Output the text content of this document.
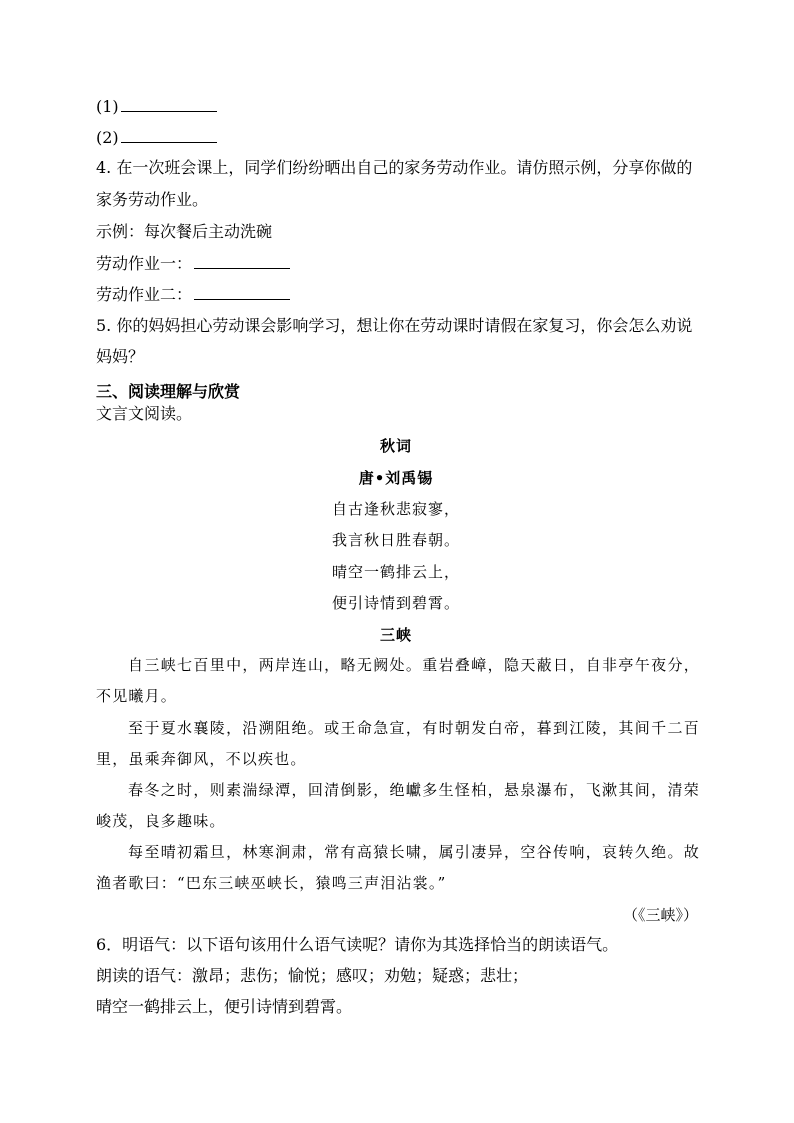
(1)
(2)
4. 在一次班会课上，同学们纷纷晒出自己的家务劳动作业。请仿照示例，分享你做的
家务劳动作业。
示例：每次餐后主动洗碗
劳动作业一：
劳动作业二：
5. 你的妈妈担心劳动课会影响学习，想让你在劳动课时请假在家复习，你会怎么劝说
妈妈？
三、阅读理解与欣赏
文言文阅读。
秋词
唐•刘禹锡
自古逢秋悲寂寥，
我言秋日胜春朝。
晴空一鹤排云上，
便引诗情到碧霄。
三峡
自三峡七百里中，两岸连山，略无阙处。重岩叠嶂，隐天蔽日，自非亭午夜分，不见曦月。
至于夏水襄陵，沿溯阻绝。或王命急宣，有时朝发白帝，暮到江陵，其间千二百里，虽乘奔御风，不以疾也。
春冬之时，则素湍绿潭，回清倒影，绝巘多生怪柏，悬泉瀑布，飞漱其间，清荣峻茂，良多趣味。
每至晴初霜旦，林寒涧肃，常有高猿长啸，属引凄异，空谷传响，哀转久绝。故渔者歌曰：“巴东三峡巫峡长，猿鸣三声泪沾裳。”
（《三峡》）
6．明语气：以下语句该用什么语气读呢？请你为其选择恰当的朗读语气。
朗读的语气：激昂；悲伤；愉悦；感叹；劝勉；疑惑；悲壮；
晴空一鹤排云上，便引诗情到碧霄。
